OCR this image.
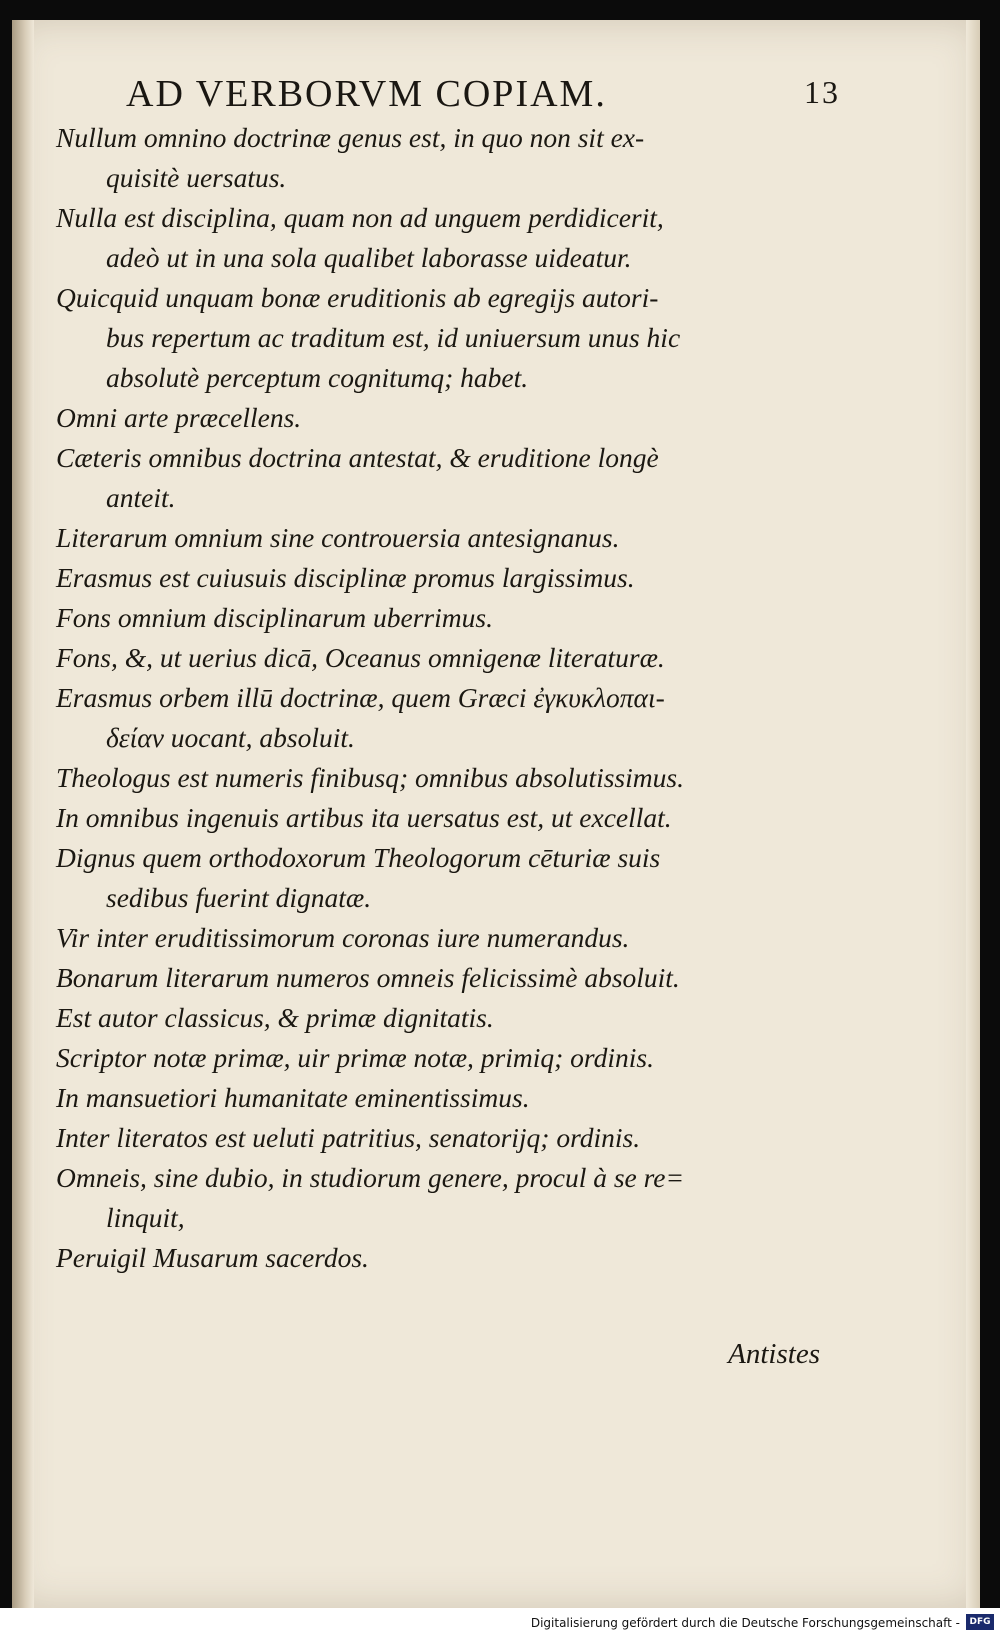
AD VERBORVM COPIAM.	13
Nullum omnino doctrinæ genus est, in quo non sit ex-
quisitè uersatus.
Nulla est disciplina, quam non ad unguem perdidicerit,
adeò ut in una sola qualibet laborasse uideatur.
Quicquid unquam bonæ eruditionis ab egregijs autori-
bus repertum ac traditum est, id uniuersum unus hic
absolutè perceptum cognitumq; habet.
Omni arte præcellens.
Cæteris omnibus doctrina antestat, & eruditione longè
anteit.
Literarum omnium sine controuersia antesignanus.
Erasmus est cuiusuis disciplinæ promus largissimus.
Fons omnium disciplinarum uberrimus.
Fons, &, ut uerius dicā, Oceanus omnigenæ literaturæ.
Erasmus orbem illū doctrinæ, quem Græci ἐγκυκλοπαι-
δείαν uocant, absoluit.
Theologus est numeris finibusq; omnibus absolutissimus.
In omnibus ingenuis artibus ita uersatus est, ut excellat.
Dignus quem orthodoxorum Theologorum cēturiæ suis
sedibus fuerint dignatæ.
Vir inter eruditissimorum coronas iure numerandus.
Bonarum literarum numeros omneis felicissimè absoluit.
Est autor classicus, & primæ dignitatis.
Scriptor notæ primæ, uir primæ notæ, primiq; ordinis.
In mansuetiori humanitate eminentissimus.
Inter literatos est ueluti patritius, senatorijq; ordinis.
Omneis, sine dubio, in studiorum genere, procul à se re=
linquit,
Peruigil Musarum sacerdos.
Antistes
Digitalisierung gefördert durch die Deutsche Forschungsgemeinschaft -	DFG
